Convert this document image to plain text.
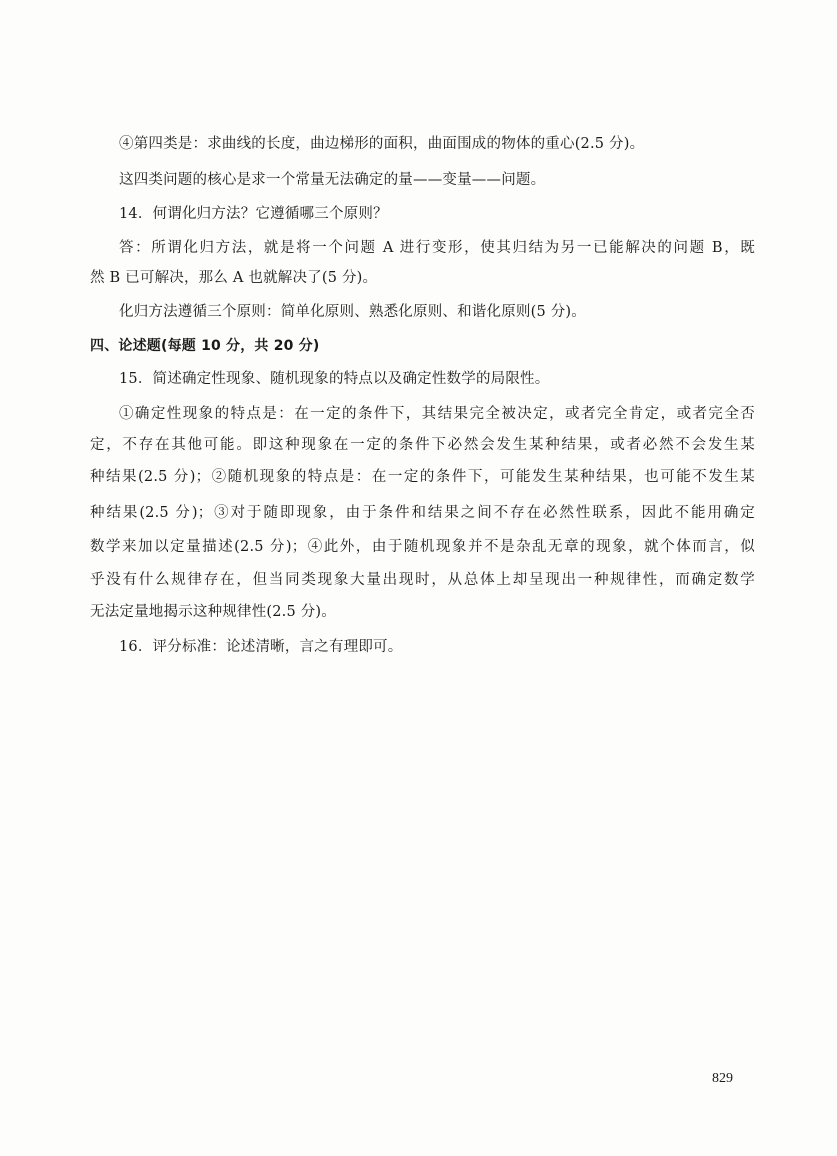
④第四类是：求曲线的长度，曲边梯形的面积，曲面围成的物体的重心(2.5 分)。
这四类问题的核心是求一个常量无法确定的量——变量——问题。
14．何谓化归方法？它遵循哪三个原则？
答：所谓化归方法，就是将一个问题 A 进行变形，使其归结为另一已能解决的问题 B，既
然 B 已可解决，那么 A 也就解决了(5 分)。
化归方法遵循三个原则：简单化原则、熟悉化原则、和谐化原则(5 分)。
四、论述题(每题 10 分，共 20 分)
15．简述确定性现象、随机现象的特点以及确定性数学的局限性。
①确定性现象的特点是：在一定的条件下，其结果完全被决定，或者完全肯定，或者完全否
定，不存在其他可能。即这种现象在一定的条件下必然会发生某种结果，或者必然不会发生某
种结果(2.5 分)；②随机现象的特点是：在一定的条件下，可能发生某种结果，也可能不发生某
种结果(2.5 分)；③对于随即现象，由于条件和结果之间不存在必然性联系，因此不能用确定
数学来加以定量描述(2.5 分)；④此外，由于随机现象并不是杂乱无章的现象，就个体而言，似
乎没有什么规律存在，但当同类现象大量出现时，从总体上却呈现出一种规律性，而确定数学
无法定量地揭示这种规律性(2.5 分)。
16．评分标准：论述清晰，言之有理即可。
829
